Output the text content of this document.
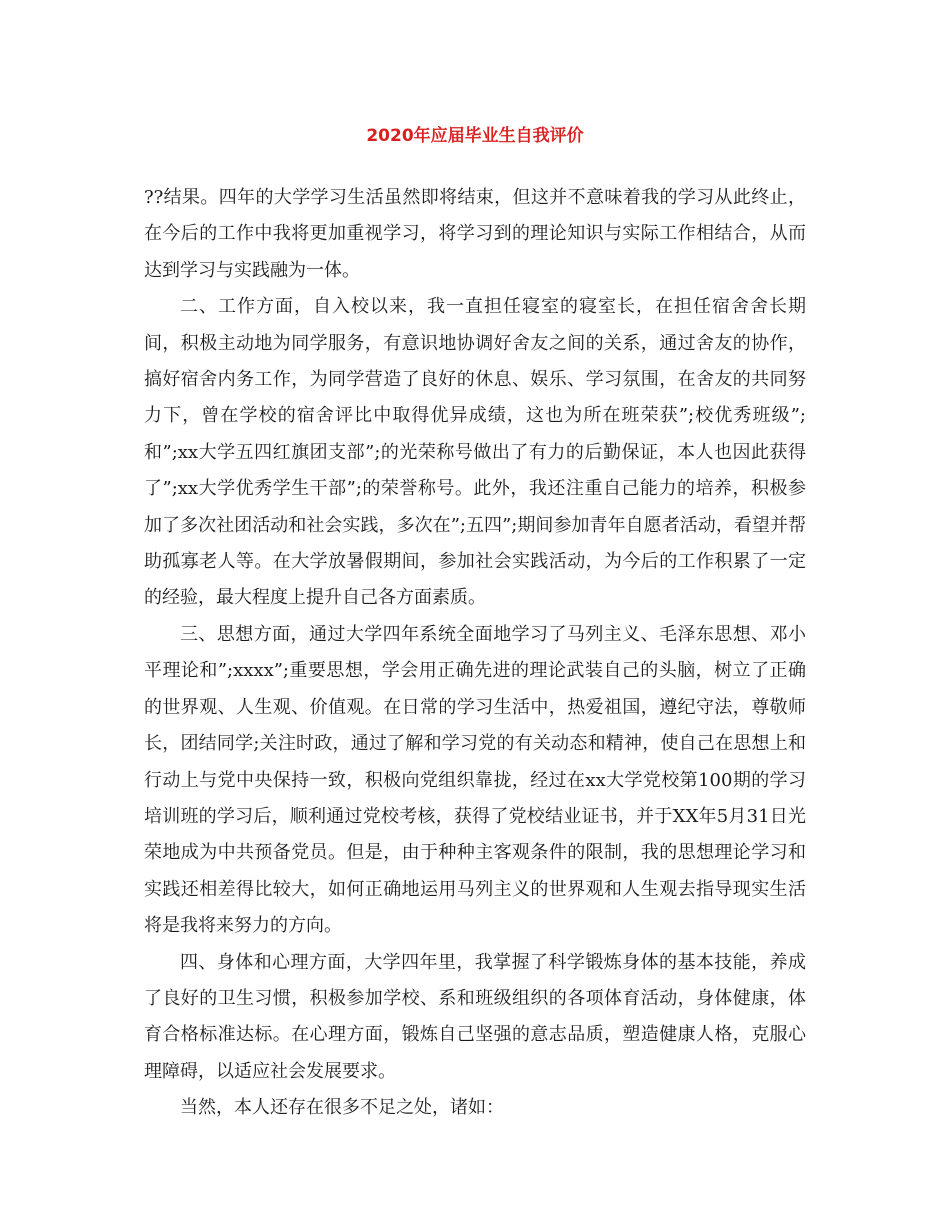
2020年应届毕业生自我评价

??结果。四年的大学学习生活虽然即将结束，但这并不意味着我的学习从此终止，在今后的工作中我将更加重视学习，将学习到的理论知识与实际工作相结合，从而达到学习与实践融为一体。

二、工作方面，自入校以来，我一直担任寝室的寝室长，在担任宿舍舍长期间，积极主动地为同学服务，有意识地协调好舍友之间的关系，通过舍友的协作，搞好宿舍内务工作，为同学营造了良好的休息、娱乐、学习氛围，在舍友的共同努力下，曾在学校的宿舍评比中取得优异成绩，这也为所在班荣获”;校优秀班级”; 和”;xx大学五四红旗团支部”;的光荣称号做出了有力的后勤保证，本人也因此获得了”;xx大学优秀学生干部”;的荣誉称号。此外，我还注重自己能力的培养，积极参加了多次社团活动和社会实践，多次在”;五四”;期间参加青年自愿者活动，看望并帮助孤寡老人等。在大学放暑假期间，参加社会实践活动，为今后的工作积累了一定的经验，最大程度上提升自己各方面素质。

三、思想方面，通过大学四年系统全面地学习了马列主义、毛泽东思想、邓小平理论和”;xxxx”;重要思想，学会用正确先进的理论武装自己的头脑，树立了正确的世界观、人生观、价值观。在日常的学习生活中，热爱祖国，遵纪守法，尊敬师长，团结同学;关注时政，通过了解和学习党的有关动态和精神，使自己在思想上和行动上与党中央保持一致，积极向党组织靠拢，经过在xx大学党校第100期的学习培训班的学习后，顺利通过党校考核，获得了党校结业证书，并于XX年5月31日光荣地成为中共预备党员。但是，由于种种主客观条件的限制，我的思想理论学习和实践还相差得比较大，如何正确地运用马列主义的世界观和人生观去指导现实生活将是我将来努力的方向。

四、身体和心理方面，大学四年里，我掌握了科学锻炼身体的基本技能，养成了良好的卫生习惯，积极参加学校、系和班级组织的各项体育活动，身体健康，体育合格标准达标。在心理方面，锻炼自己坚强的意志品质，塑造健康人格，克服心理障碍，以适应社会发展要求。

当然，本人还存在很多不足之处，诸如：
